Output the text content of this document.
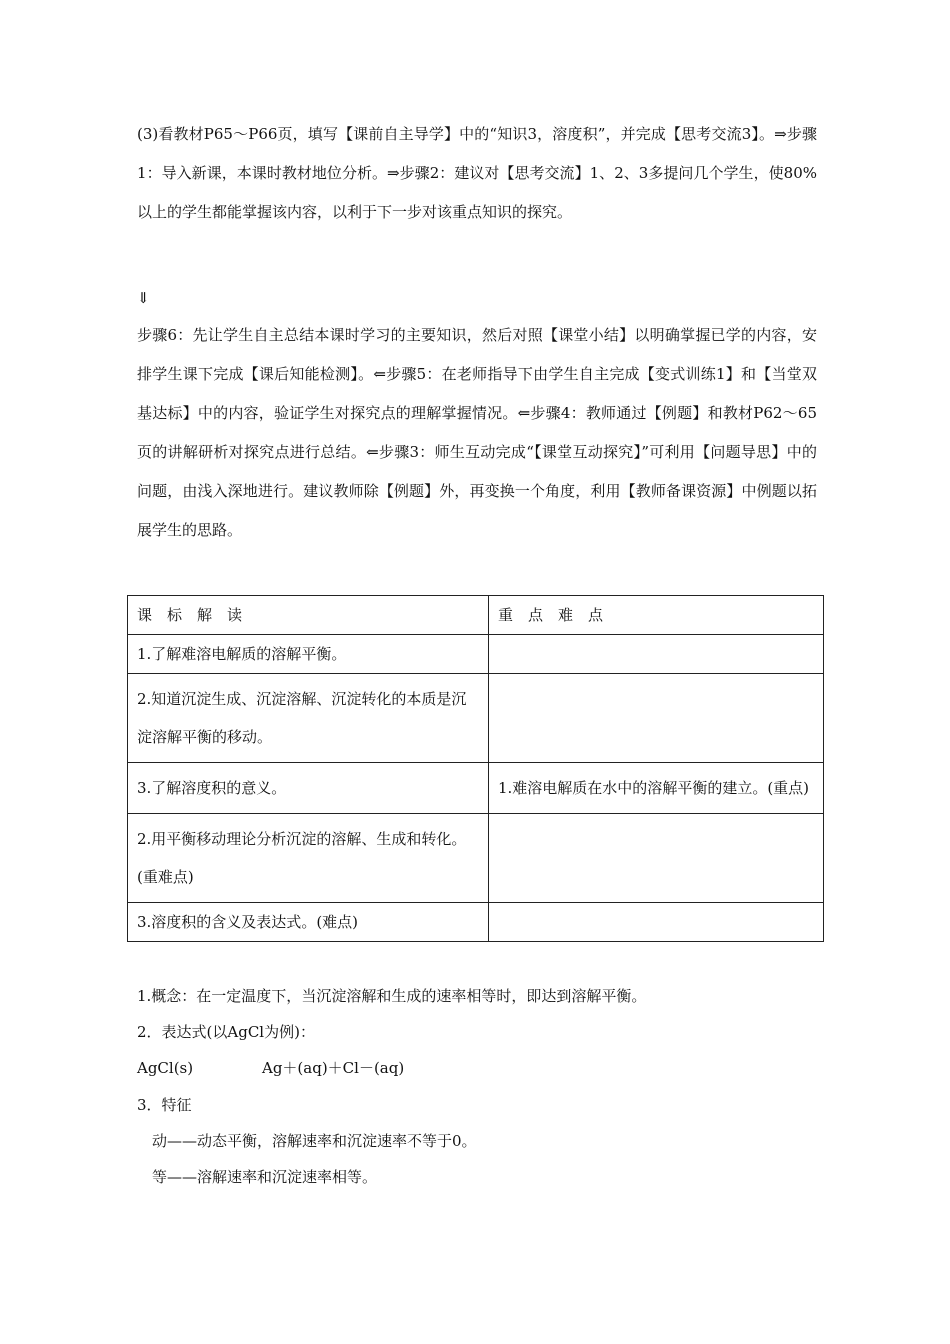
(3)看教材P65～P66页，填写【课前自主导学】中的“知识3，溶度积”，并完成【思考交流3】。⇒步骤1：导入新课，本课时教材地位分析。⇒步骤2：建议对【思考交流】1、2、3多提问几个学生，使80%以上的学生都能掌握该内容，以利于下一步对该重点知识的探究。
⇓
步骤6：先让学生自主总结本课时学习的主要知识，然后对照【课堂小结】以明确掌握已学的内容，安排学生课下完成【课后知能检测】。⇐步骤5：在老师指导下由学生自主完成【变式训练1】和【当堂双基达标】中的内容，验证学生对探究点的理解掌握情况。⇐步骤4：教师通过【例题】和教材P62～65页的讲解研析对探究点进行总结。⇐步骤3：师生互动完成“【课堂互动探究】”可利用【问题导思】中的问题，由浅入深地进行。建议教师除【例题】外，再变换一个角度，利用【教师备课资源】中例题以拓展学生的思路。
课　标　解　读	重　点　难　点
1.了解难溶电解质的溶解平衡。	
2.知道沉淀生成、沉淀溶解、沉淀转化的本质是沉淀溶解平衡的移动。	
3.了解溶度积的意义。	1.难溶电解质在水中的溶解平衡的建立。(重点)
2.用平衡移动理论分析沉淀的溶解、生成和转化。(重难点)	
3.溶度积的含义及表达式。(难点)	
1.概念：在一定温度下，当沉淀溶解和生成的速率相等时，即达到溶解平衡。
2．表达式(以AgCl为例)：
AgCl(s)	Ag＋(aq)＋Cl－(aq)
3．特征
动——动态平衡，溶解速率和沉淀速率不等于0。
等——溶解速率和沉淀速率相等。
